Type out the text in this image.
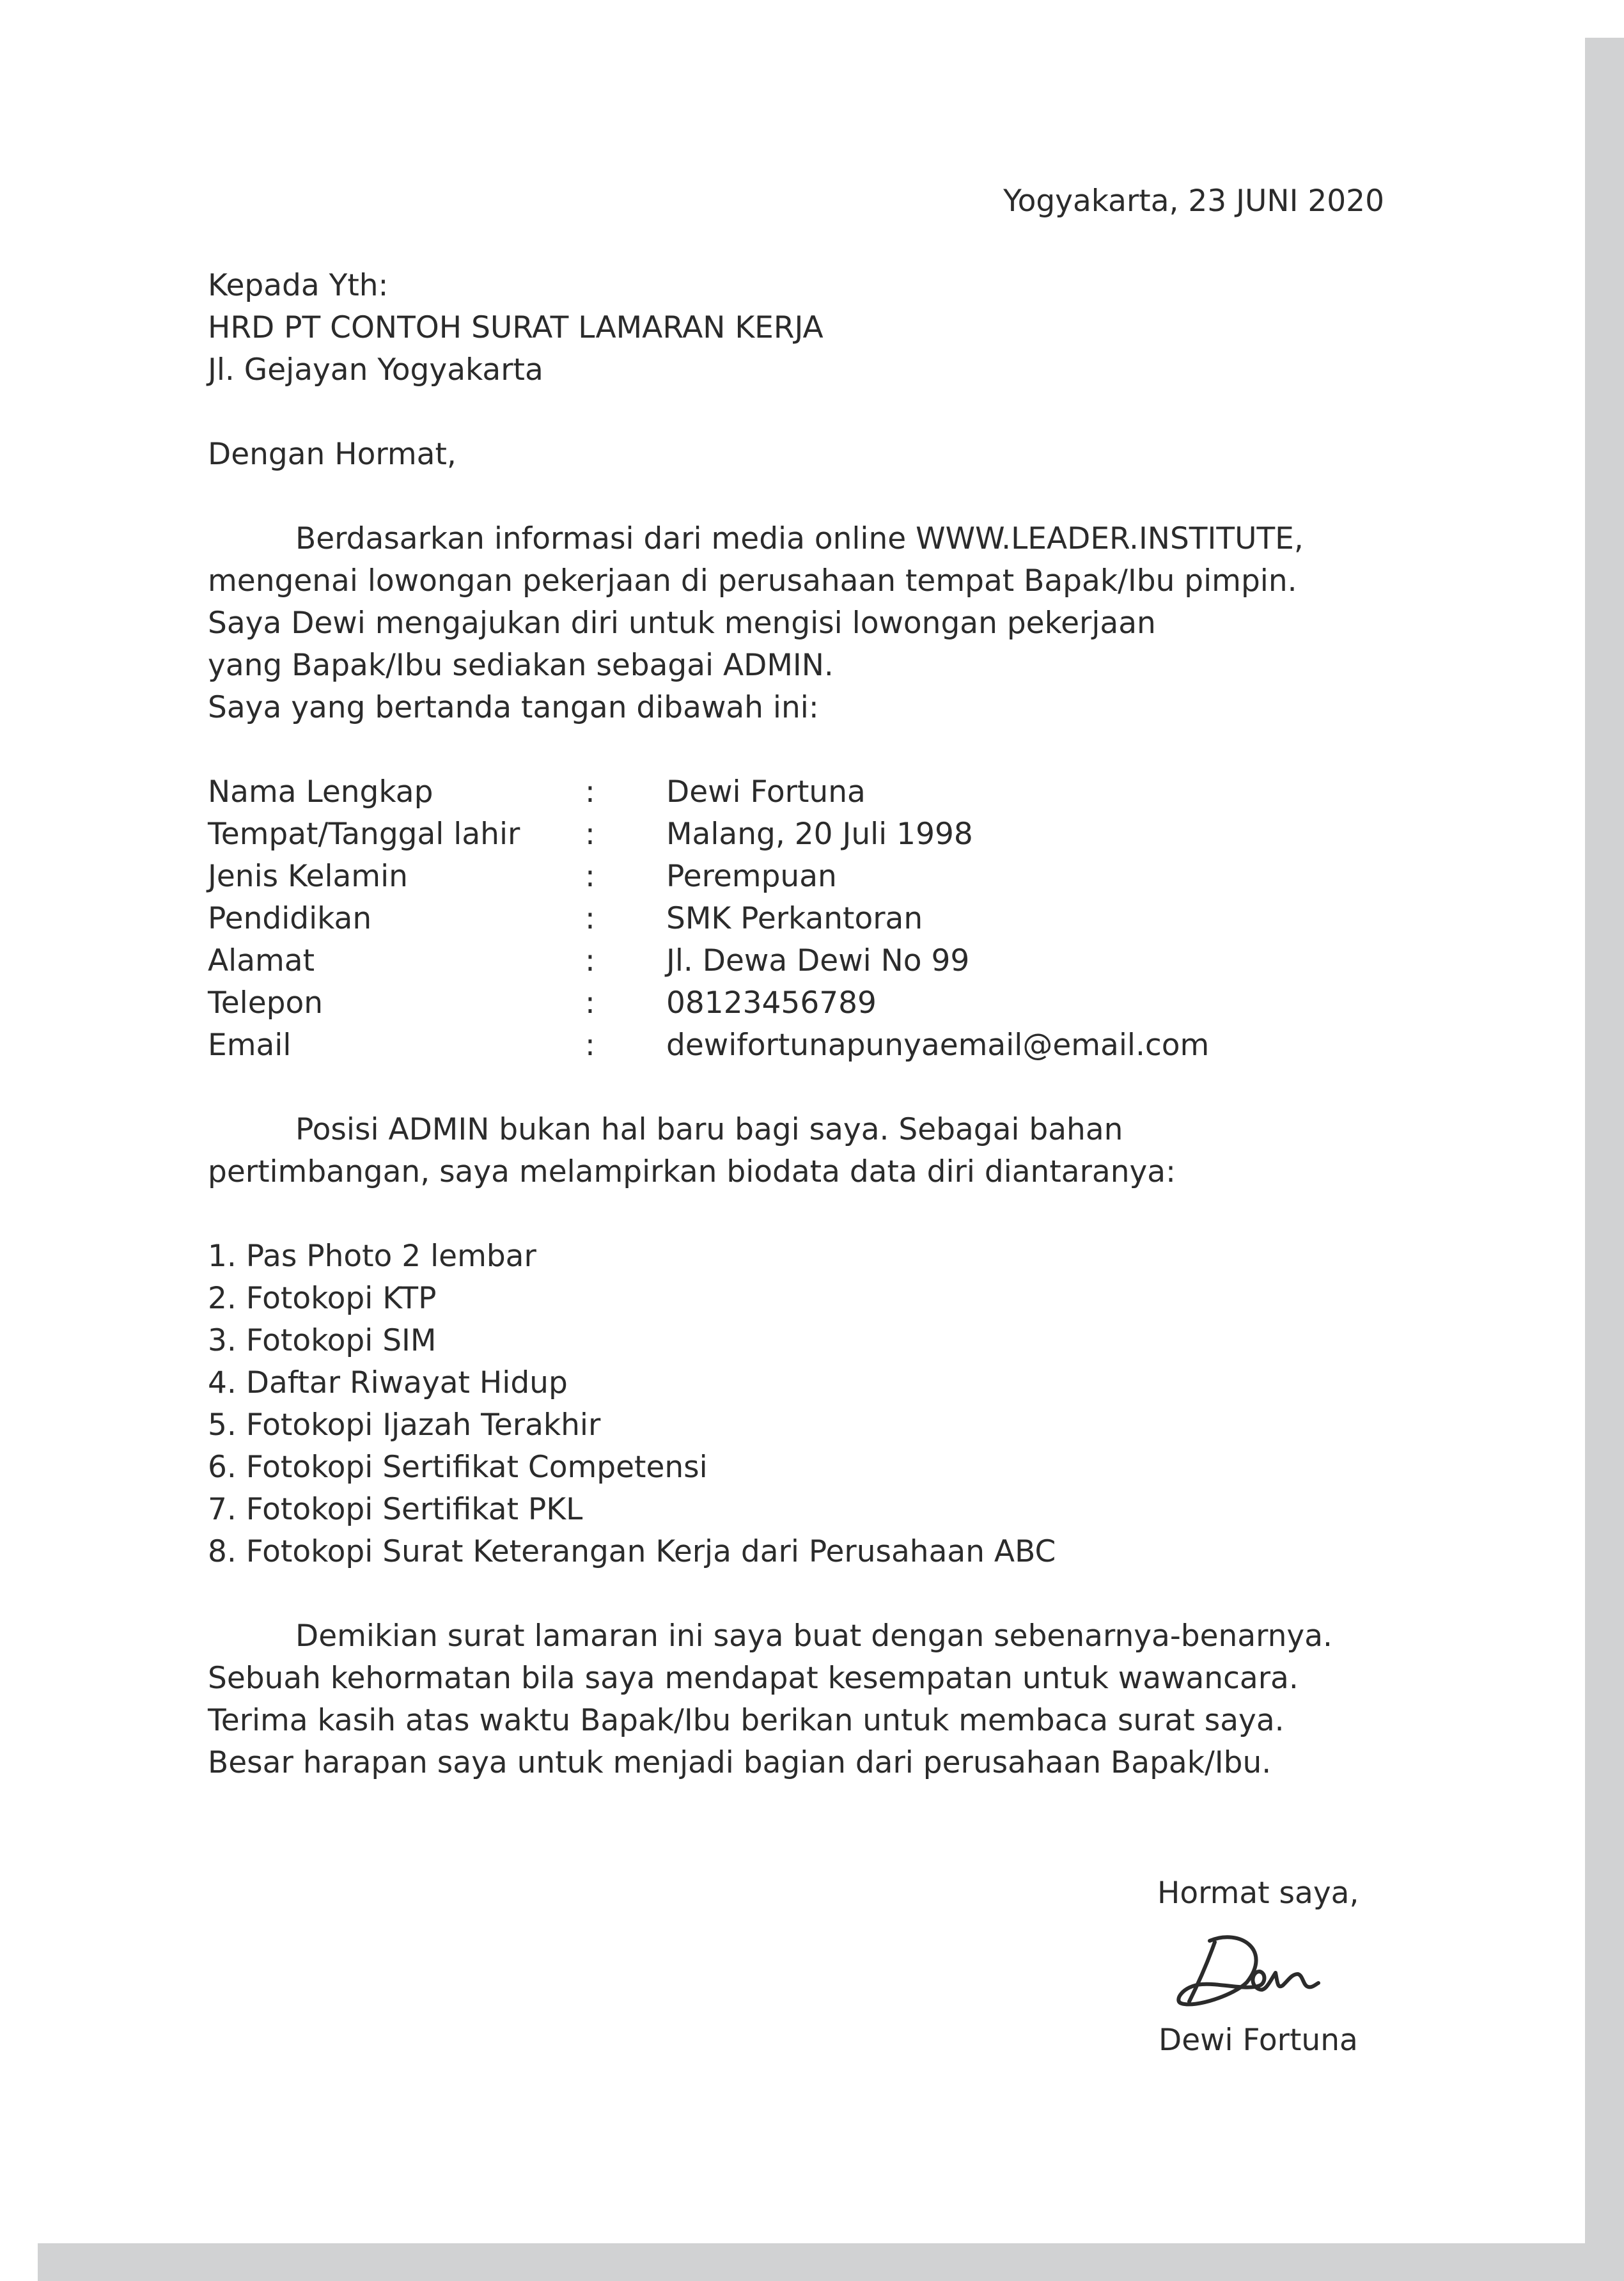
Yogyakarta, 23 JUNI 2020

Kepada Yth:

HRD PT CONTOH SURAT LAMARAN KERJA

Jl. Gejayan Yogyakarta

Dengan Hormat,

Berdasarkan informasi dari media online WWW.LEADER.INSTITUTE,

mengenai lowongan pekerjaan di perusahaan tempat Bapak/Ibu pimpin.

Saya Dewi mengajukan diri untuk mengisi lowongan pekerjaan

yang Bapak/Ibu sediakan sebagai ADMIN.

Saya yang bertanda tangan dibawah ini:

Nama Lengkap	:	Dewi Fortuna
Tempat/Tanggal lahir	:	Malang, 20 Juli 1998
Jenis Kelamin	:	Perempuan
Pendidikan	:	SMK Perkantoran
Alamat	:	Jl. Dewa Dewi No 99
Telepon	:	08123456789
Email	:	dewifortunapunyaemail@email.com

Posisi ADMIN bukan hal baru bagi saya. Sebagai bahan

pertimbangan, saya melampirkan biodata data diri diantaranya:

1. Pas Photo 2 lembar

2. Fotokopi KTP

3. Fotokopi SIM

4. Daftar Riwayat Hidup

5. Fotokopi Ijazah Terakhir

6. Fotokopi Sertifikat Competensi

7. Fotokopi Sertifikat PKL

8. Fotokopi Surat Keterangan Kerja dari Perusahaan ABC

Demikian surat lamaran ini saya buat dengan sebenarnya-benarnya.

Sebuah kehormatan bila saya mendapat kesempatan untuk wawancara.

Terima kasih atas waktu Bapak/Ibu berikan untuk membaca surat saya.

Besar harapan saya untuk menjadi bagian dari perusahaan Bapak/Ibu.

Hormat saya,
Dewi Fortuna
